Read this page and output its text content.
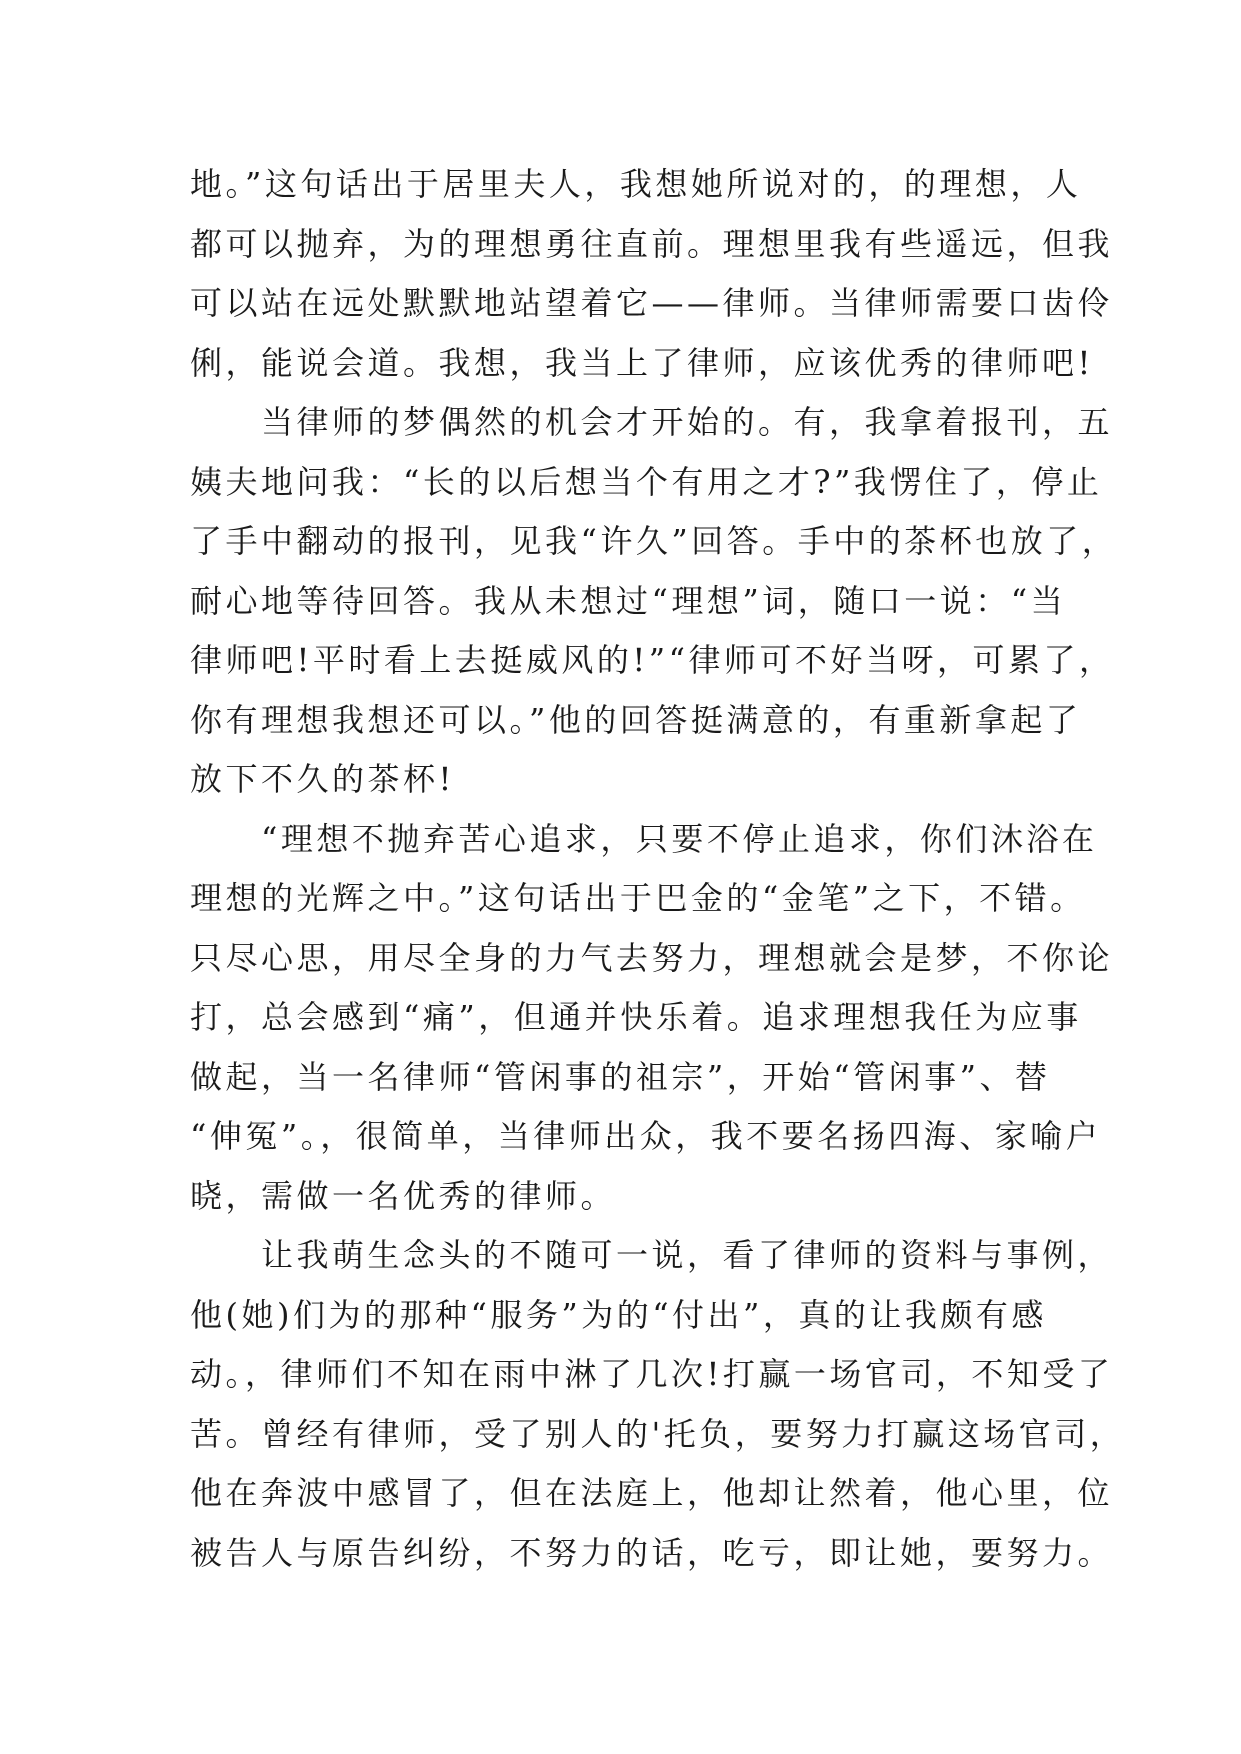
地。”这句话出于居里夫人，我想她所说对的，的理想，人
都可以抛弃，为的理想勇往直前。理想里我有些遥远，但我
可以站在远处默默地站望着它——律师。当律师需要口齿伶
俐，能说会道。我想，我当上了律师，应该优秀的律师吧!
当律师的梦偶然的机会才开始的。有，我拿着报刊，五
姨夫地问我：“长的以后想当个有用之才?”我愣住了，停止
了手中翻动的报刊，见我“许久”回答。手中的茶杯也放了，
耐心地等待回答。我从未想过“理想”词，随口一说：“当
律师吧!平时看上去挺威风的!”“律师可不好当呀，可累了，
你有理想我想还可以。”他的回答挺满意的，有重新拿起了
放下不久的茶杯!
“理想不抛弃苦心追求，只要不停止追求，你们沐浴在
理想的光辉之中。”这句话出于巴金的“金笔”之下，不错。
只尽心思，用尽全身的力气去努力，理想就会是梦，不你论
打，总会感到“痛”，但通并快乐着。追求理想我任为应事
做起，当一名律师“管闲事的祖宗”，开始“管闲事”、替
“伸冤”。，很简单，当律师出众，我不要名扬四海、家喻户
晓，需做一名优秀的律师。
让我萌生念头的不随可一说，看了律师的资料与事例，
他(她)们为的那种“服务”为的“付出”，真的让我颇有感
动。，律师们不知在雨中淋了几次!打赢一场官司，不知受了
苦。曾经有律师，受了别人的'托负，要努力打赢这场官司，
他在奔波中感冒了，但在法庭上，他却让然着，他心里，位
被告人与原告纠纷，不努力的话，吃亏，即让她，要努力。
